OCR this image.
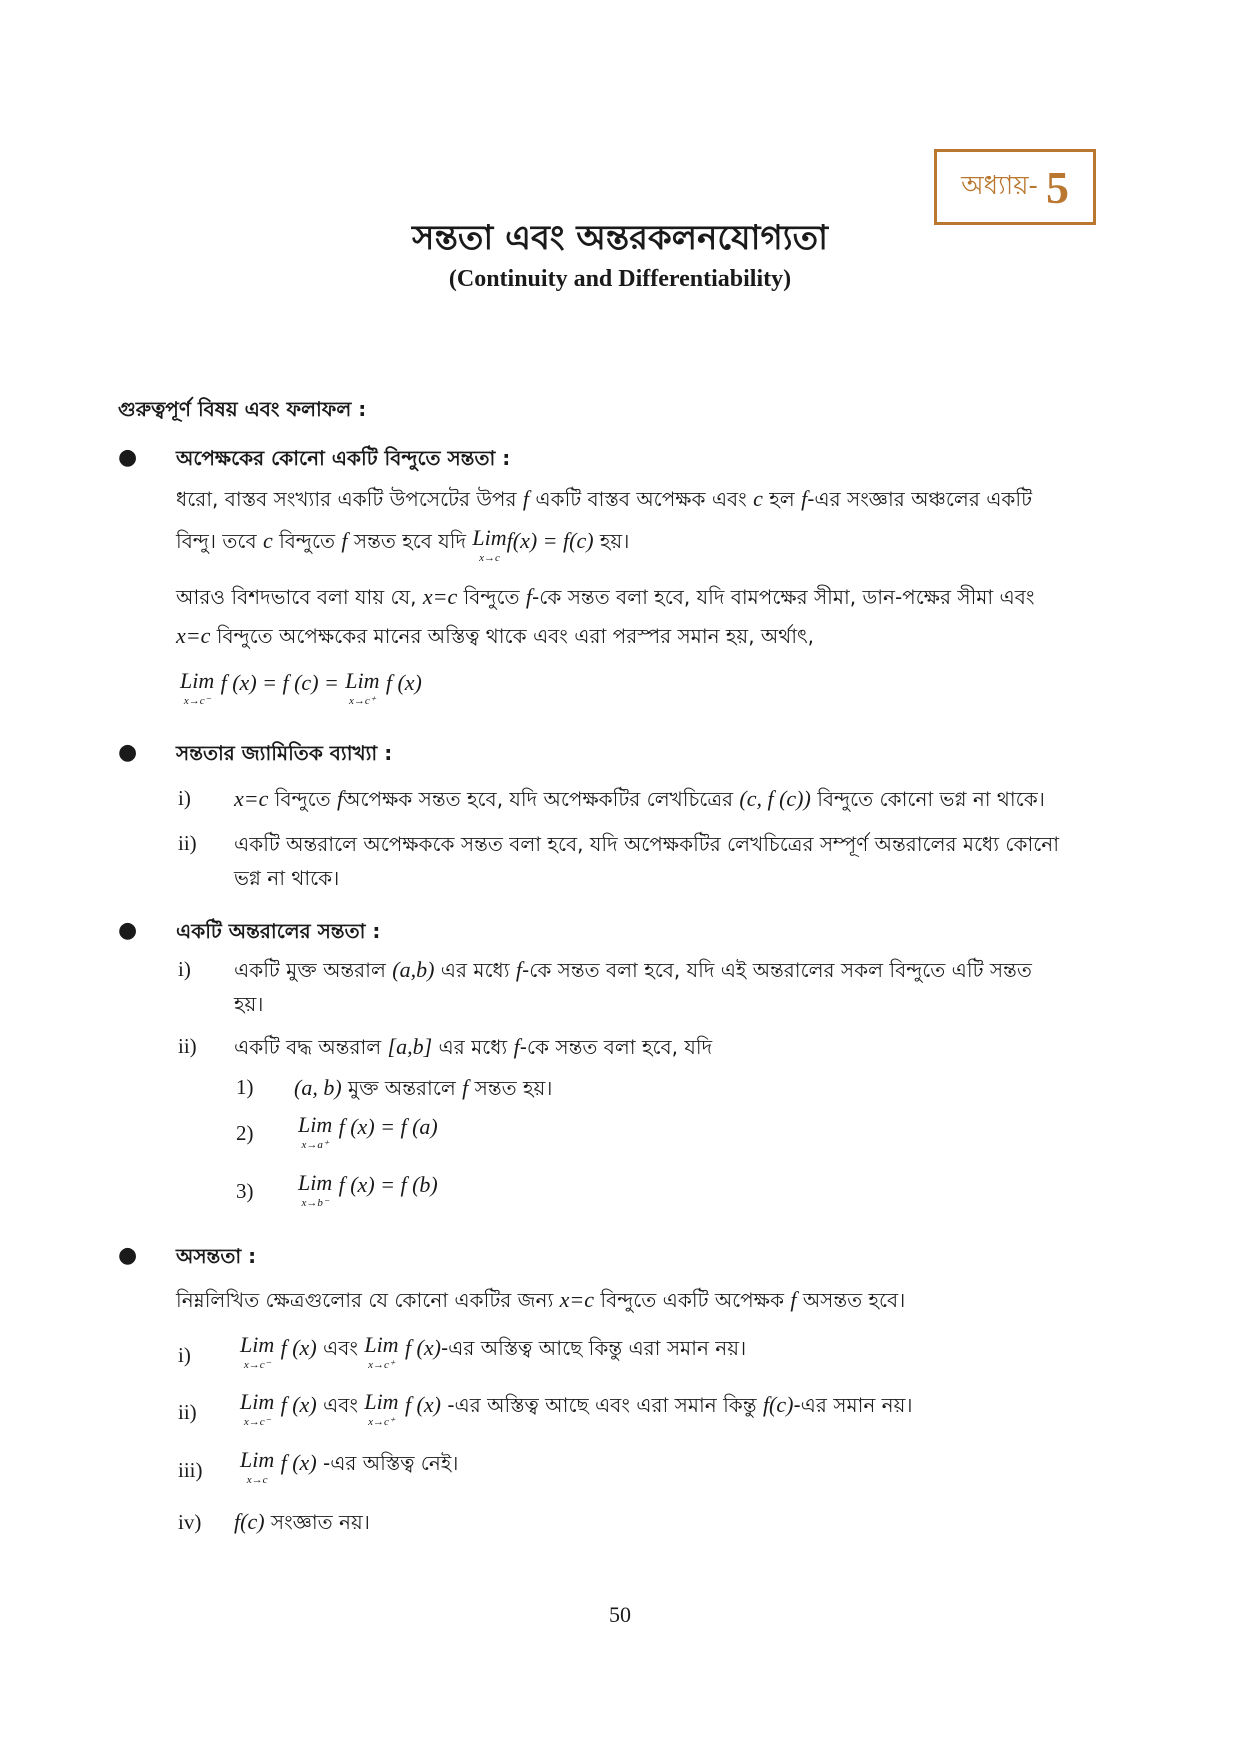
অধ্যায়- 5
সন্ততা এবং অন্তরকলনযোগ্যতা
(Continuity and Differentiability)
গুরুত্বপূর্ণ বিষয় এবং ফলাফল :
● অপেক্ষকের কোনো একটি বিন্দুতে সন্ততা :
ধরো, বাস্তব সংখ্যার একটি উপসেটের উপর f একটি বাস্তব অপেক্ষক এবং c হল f-এর সংজ্ঞার অঞ্চলের একটি
বিন্দু। তবে c বিন্দুতে f সন্তত হবে যদি Lim
x→c
f(x) = f(c) হয়।
আরও বিশদভাবে বলা যায় যে, x=c বিন্দুতে f-কে সন্তত বলা হবে, যদি বামপক্ষের সীমা, ডান-পক্ষের সীমা এবং
x=c বিন্দুতে অপেক্ষকের মানের অস্তিত্ব থাকে এবং এরা পরস্পর সমান হয়, অর্থাৎ,
Lim
x→c⁻
f (x) = f (c) = Lim
x→c⁺
f (x)
● সন্ততার জ্যামিতিক ব্যাখ্যা :
i) x=c বিন্দুতে fঅপেক্ষক সন্তত হবে, যদি অপেক্ষকটির লেখচিত্রের (c, f (c)) বিন্দুতে কোনো ভগ্ন না থাকে।
ii) একটি অন্তরালে অপেক্ষককে সন্তত বলা হবে, যদি অপেক্ষকটির লেখচিত্রের সম্পূর্ণ অন্তরালের মধ্যে কোনো
ভগ্ন না থাকে।
● একটি অন্তরালের সন্ততা :
i) একটি মুক্ত অন্তরাল (a,b) এর মধ্যে f-কে সন্তত বলা হবে, যদি এই অন্তরালের সকল বিন্দুতে এটি সন্তত
হয়।
ii) একটি বদ্ধ অন্তরাল [a,b] এর মধ্যে f-কে সন্তত বলা হবে, যদি
1) (a, b) মুক্ত অন্তরালে f সন্তত হয়।
2) Lim
x→a⁺
f (x) = f (a)
3) Lim
x→b⁻
f (x) = f (b)
● অসন্ততা :
নিম্নলিখিত ক্ষেত্রগুলোর যে কোনো একটির জন্য x=c বিন্দুতে একটি অপেক্ষক f অসন্তত হবে।
i) Lim
x→c⁻
f (x) এবং Lim
x→c⁺
f (x)-এর অস্তিত্ব আছে কিন্তু এরা সমান নয়।
ii) Lim
x→c⁻
f (x) এবং Lim
x→c⁺
f (x) -এর অস্তিত্ব আছে এবং এরা সমান কিন্তু f(c)-এর সমান নয়।
iii) Lim
x→c
f (x) -এর অস্তিত্ব নেই।
iv) f(c) সংজ্ঞাত নয়।
50
